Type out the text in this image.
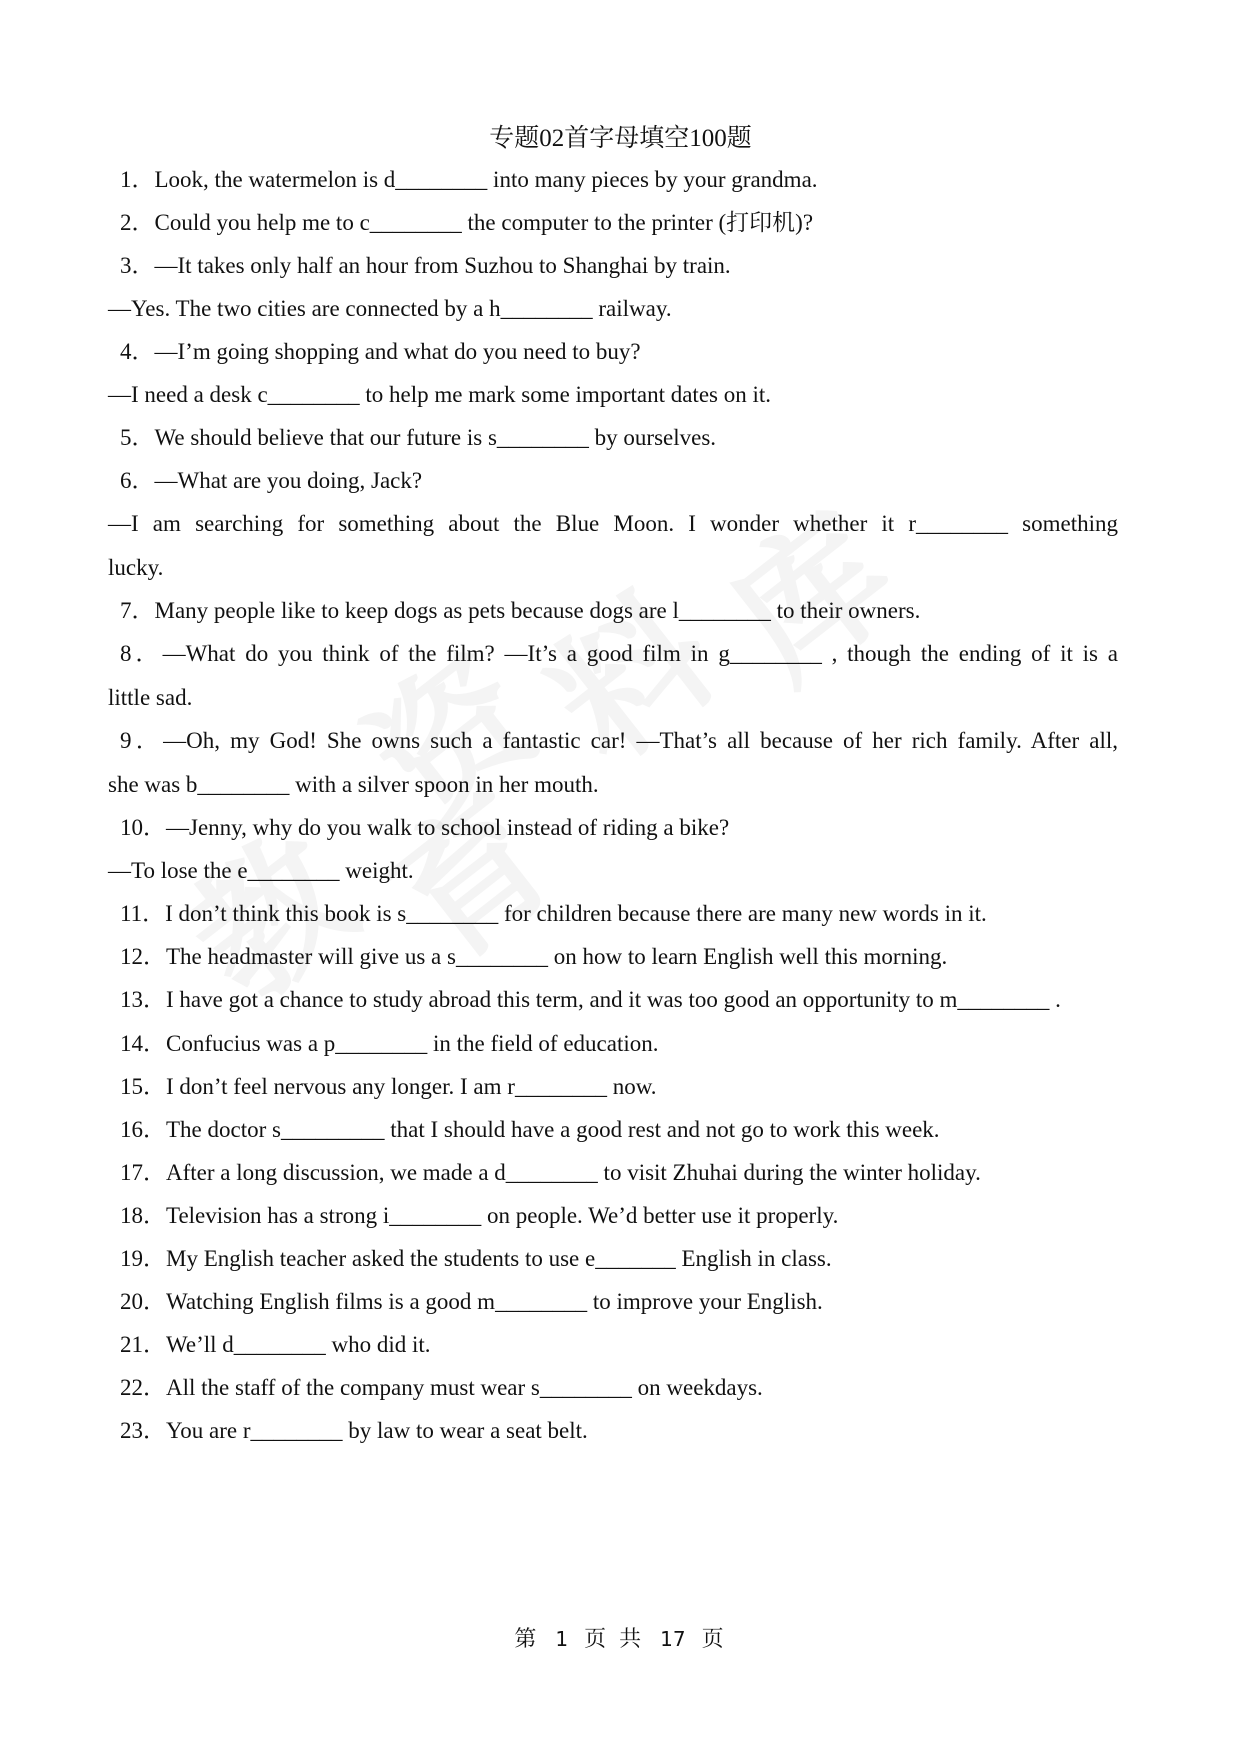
专题02首字母填空100题
1．Look, the watermelon is d________ into many pieces by your grandma.
2．Could you help me to c________ the computer to the printer (打印机)?
3．—It takes only half an hour from Suzhou to Shanghai by train.
—Yes. The two cities are connected by a h________ railway.
4．—I’m going shopping and what do you need to buy?
—I need a desk c________ to help me mark some important dates on it.
5．We should believe that our future is s________ by ourselves.
6．—What are you doing, Jack?
—I am searching for something about the Blue Moon. I wonder whether it r________ something
lucky.
7．Many people like to keep dogs as pets because dogs are l________ to their owners.
8．—What do you think of the film? —It’s a good film in g________ , though the ending of it is a
little sad.
9．—Oh, my God! She owns such a fantastic car! —That’s all because of her rich family. After all,
she was b________ with a silver spoon in her mouth.
10．—Jenny, why do you walk to school instead of riding a bike?
—To lose the e________ weight.
11．I don’t think this book is s________ for children because there are many new words in it.
12．The headmaster will give us a s________ on how to learn English well this morning.
13．I have got a chance to study abroad this term, and it was too good an opportunity to m________ .
14．Confucius was a p________ in the field of education.
15．I don’t feel nervous any longer. I am r________ now.
16．The doctor s_________ that I should have a good rest and not go to work this week.
17．After a long discussion, we made a d________ to visit Zhuhai during the winter holiday.
18．Television has a strong i________ on people. We’d better use it properly.
19．My English teacher asked the students to use e_______ English in class.
20．Watching English films is a good m________ to improve your English.
21．We’ll d________ who did it.
22．All the staff of the company must wear s________ on weekdays.
23．You are r________ by law to wear a seat belt.
第 1 页 共 17 页
